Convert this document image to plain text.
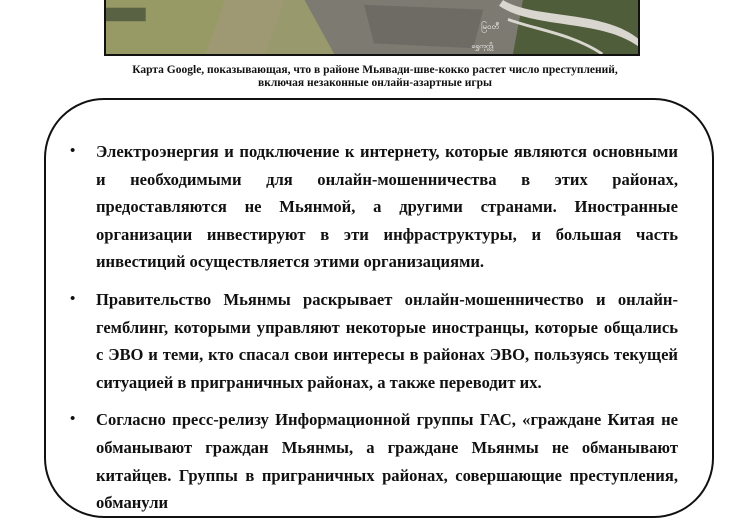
မြဝတီ
ရွှေကုက္ကို
Карта Google, показывающая, что в районе Мьявади-шве-кокко растет число преступлений,
включая незаконные онлайн-азартные игры
• Электроэнергия и подключение к интернету, которые являются основными и необходимыми для онлайн-мошенничества в этих районах, предоставляются не Мьянмой, а другими странами. Иностранные организации инвестируют в эти инфраструктуры, и большая часть инвестиций осуществляется этими организациями.
• Правительство Мьянмы раскрывает онлайн-мошенничество и онлайн-гемблинг, которыми управляют некоторые иностранцы, которые общались с ЭВО и теми, кто спасал свои интересы в районах ЭВО, пользуясь текущей ситуацией в приграничных районах, а также переводит их.
• Согласно пресс-релизу Информационной группы ГАС, «граждане Китая не обманывают граждан Мьянмы, а граждане Мьянмы не обманывают китайцев. Группы в приграничных районах, совершающие преступления, обманули
